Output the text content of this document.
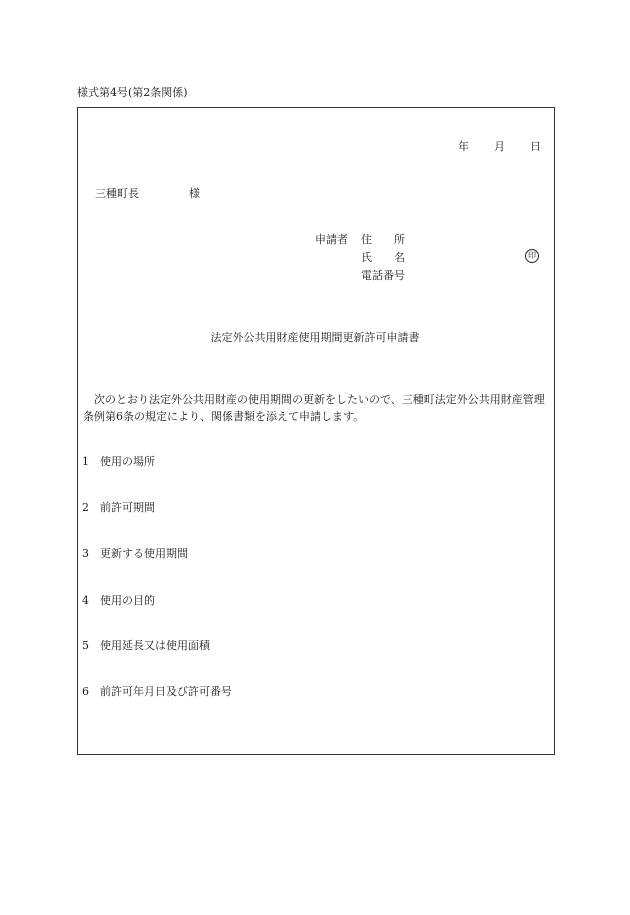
様式第4号(第2条関係)
年 月 日
三種町長	様
申請者 住　　所
氏　　名
電話番号
印
法定外公共用財産使用期間更新許可申請書
次のとおり法定外公共用財産の使用期間の更新をしたいので、三種町法定外公共用財産管理条例第6条の規定により、関係書類を添えて申請します。
1 使用の場所
2 前許可期間
3 更新する使用期間
4 使用の目的
5 使用延長又は使用面積
6 前許可年月日及び許可番号
